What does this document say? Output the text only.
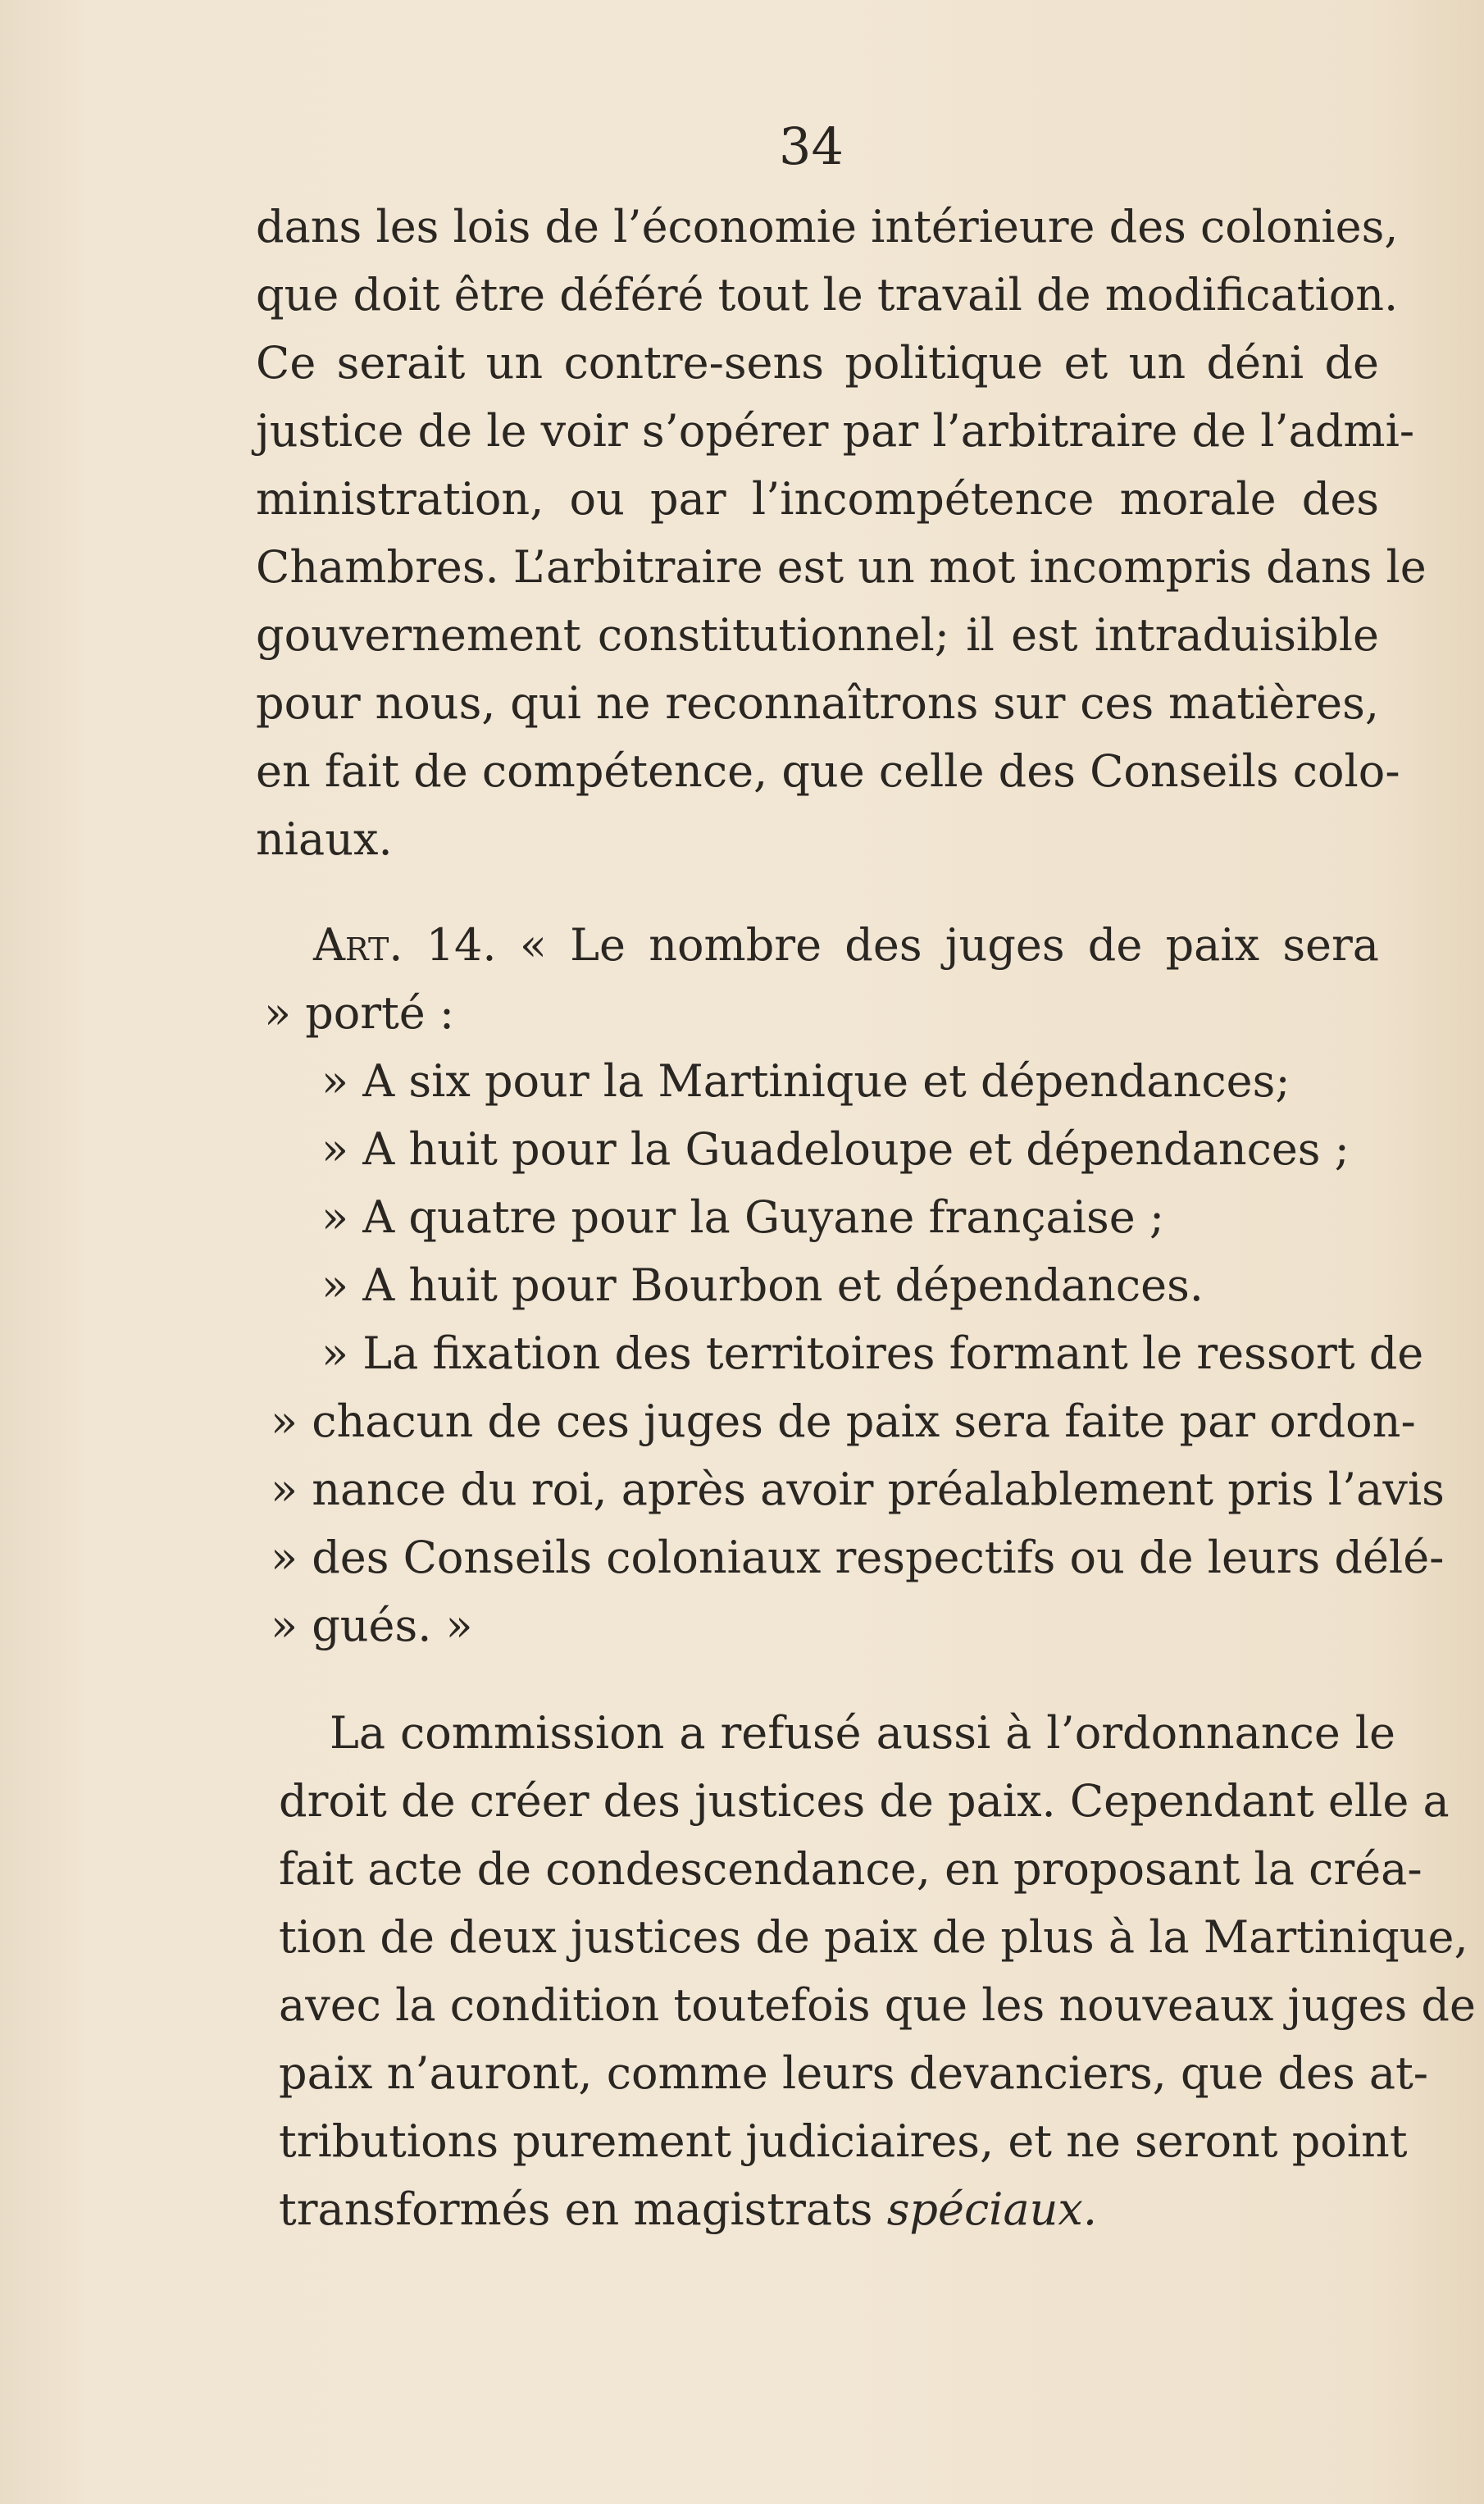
34

dans les lois de l’économie intérieure des colonies,

que doit être déféré tout le travail de modification.

Ce serait un contre-sens politique et un déni de

justice de le voir s’opérer par l’arbitraire de l’admi-

ministration, ou par l’incompétence morale des

Chambres. L’arbitraire est un mot incompris dans le

gouvernement constitutionnel; il est intraduisible

pour nous, qui ne reconnaîtrons sur ces matières,

en fait de compétence, que celle des Conseils colo-

niaux.

Art. 14. « Le nombre des juges de paix sera

» porté :

» A six pour la Martinique et dépendances;

» A huit pour la Guadeloupe et dépendances ;

» A quatre pour la Guyane française ;

» A huit pour Bourbon et dépendances.

» La fixation des territoires formant le ressort de

» chacun de ces juges de paix sera faite par ordon-

» nance du roi, après avoir préalablement pris l’avis

» des Conseils coloniaux respectifs ou de leurs délé-

» gués. »

La commission a refusé aussi à l’ordonnance le

droit de créer des justices de paix. Cependant elle a

fait acte de condescendance, en proposant la créa-

tion de deux justices de paix de plus à la Martinique,

avec la condition toutefois que les nouveaux juges de

paix n’auront, comme leurs devanciers, que des at-

tributions purement judiciaires, et ne seront point

transformés en magistrats spéciaux.
